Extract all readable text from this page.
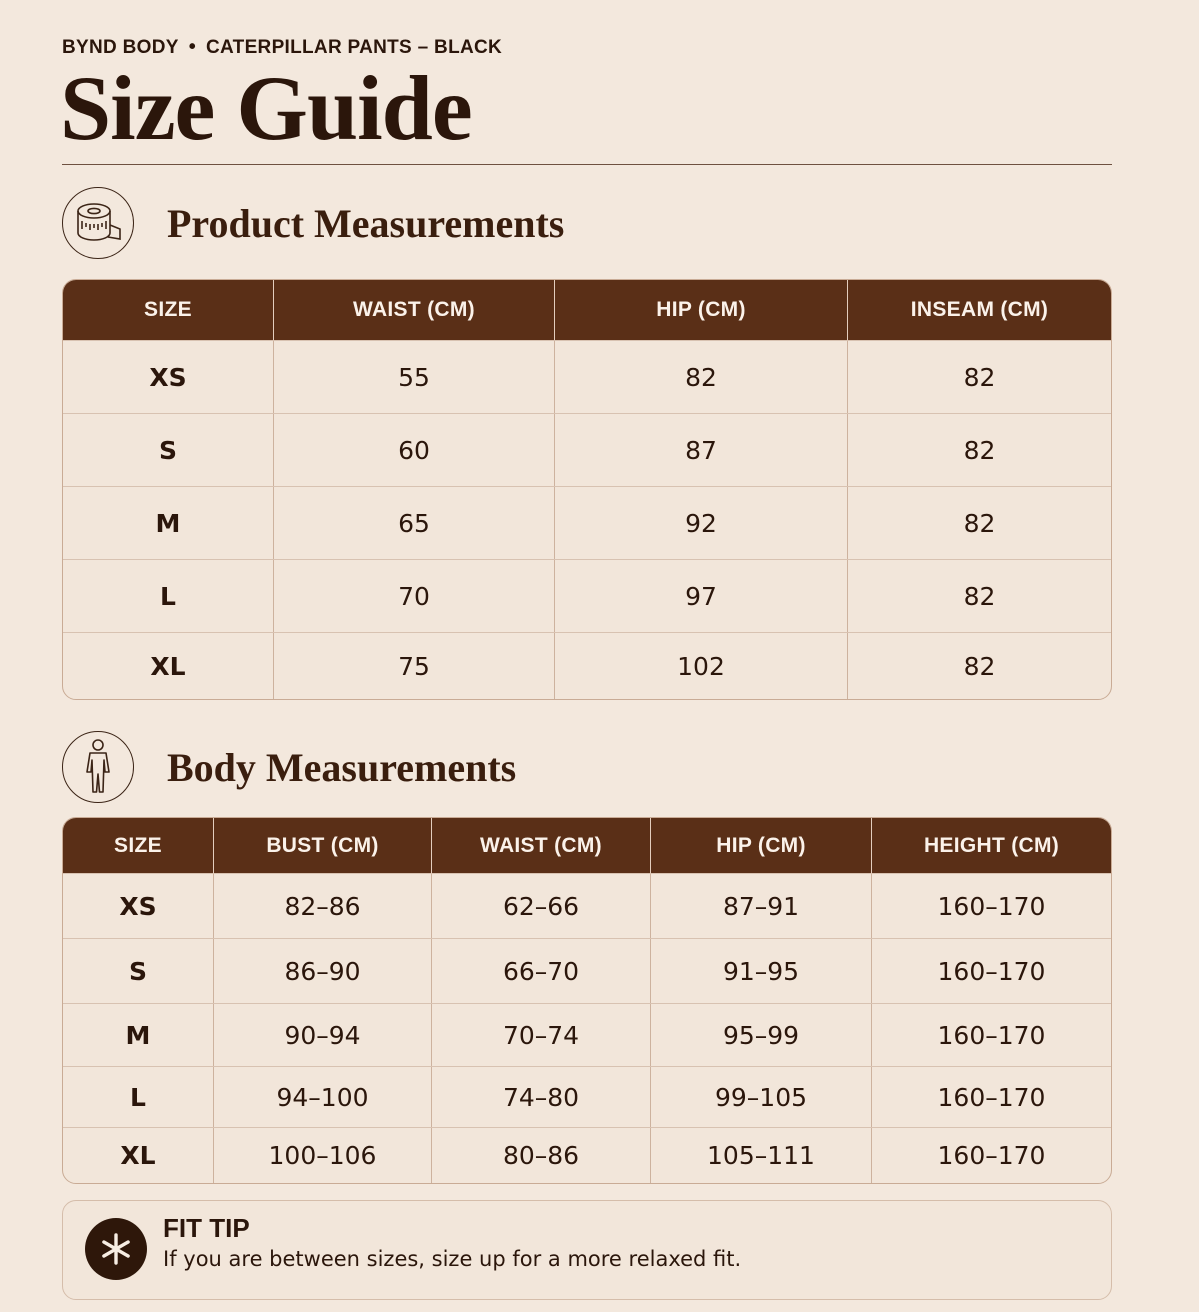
BYND BODY • CATERPILLAR PANTS – BLACK
Size Guide
Product Measurements
SIZE	WAIST (CM)	HIP (CM)	INSEAM (CM)
XS	55	82	82
S	60	87	82
M	65	92	82
L	70	97	82
XL	75	102	82
Body Measurements
SIZE	BUST (CM)	WAIST (CM)	HIP (CM)	HEIGHT (CM)
XS	82–86	62–66	87–91	160–170
S	86–90	66–70	91–95	160–170
M	90–94	70–74	95–99	160–170
L	94–100	74–80	99–105	160–170
XL	100–106	80–86	105–111	160–170
FIT TIP
If you are between sizes, size up for a more relaxed fit.
